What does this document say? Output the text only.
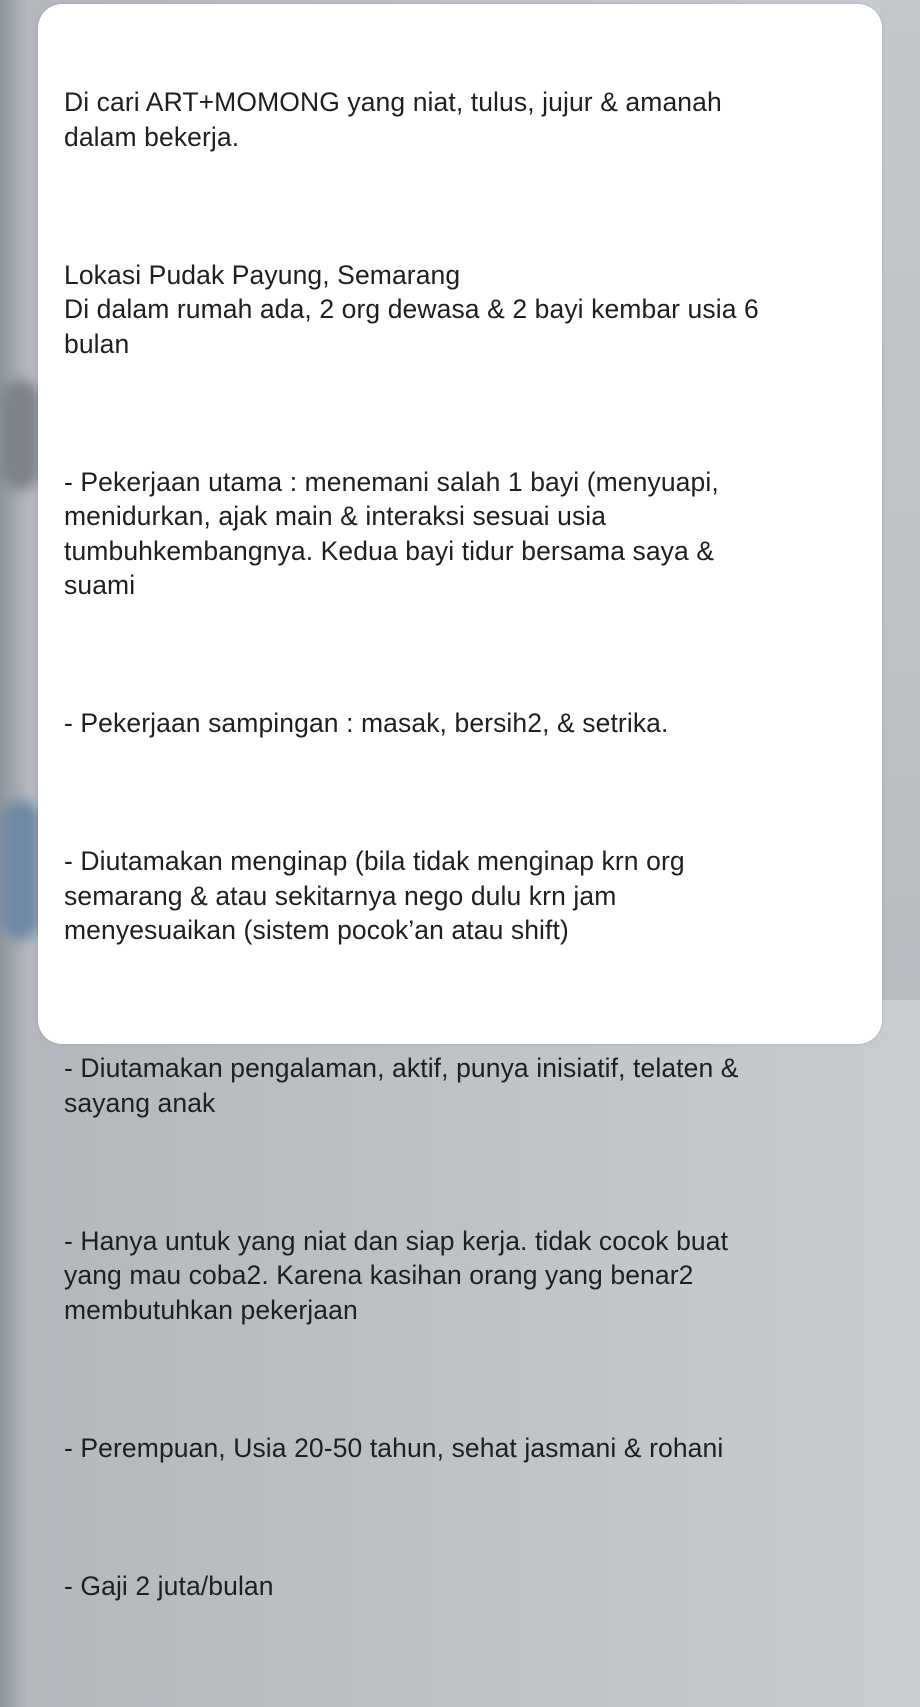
Di cari ART+MOMONG yang niat, tulus, jujur & amanah
dalam bekerja.

Lokasi Pudak Payung, Semarang
Di dalam rumah ada, 2 org dewasa & 2 bayi kembar usia 6
bulan

- Pekerjaan utama : menemani salah 1 bayi (menyuapi,
menidurkan, ajak main & interaksi sesuai usia
tumbuhkembangnya. Kedua bayi tidur bersama saya &
suami

- Pekerjaan sampingan : masak, bersih2, & setrika.

- Diutamakan menginap (bila tidak menginap krn org
semarang & atau sekitarnya nego dulu krn jam
menyesuaikan (sistem pocok’an atau shift)

- Diutamakan pengalaman, aktif, punya inisiatif, telaten &
sayang anak

- Hanya untuk yang niat dan siap kerja. tidak cocok buat
yang mau coba2. Karena kasihan orang yang benar2
membutuhkan pekerjaan

- Perempuan, Usia 20-50 tahun, sehat jasmani & rohani

- Gaji 2 juta/bulan
